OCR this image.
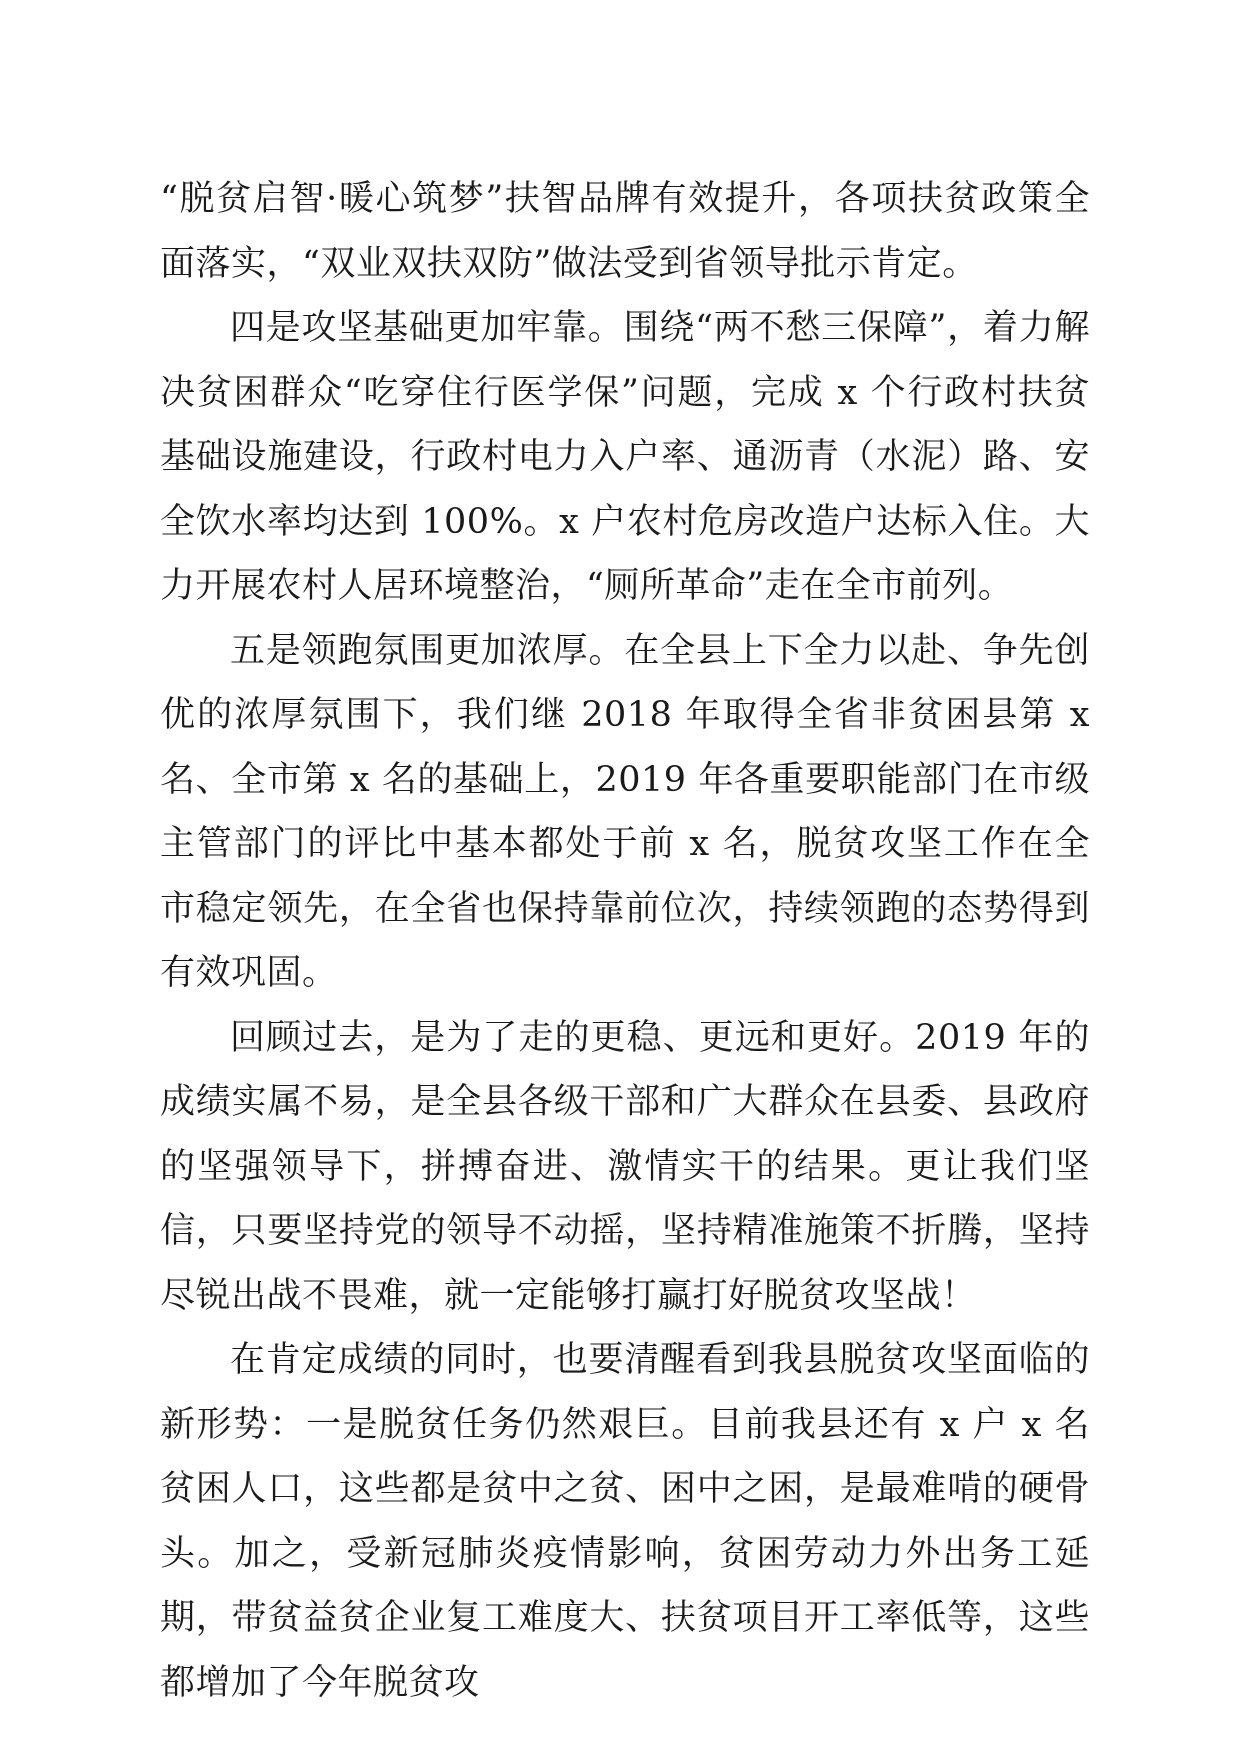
“脱贫启智·暖心筑梦”扶智品牌有效提升，各项扶贫政策全面落实，“双业双扶双防”做法受到省领导批示肯定。

四是攻坚基础更加牢靠。围绕“两不愁三保障”，着力解决贫困群众“吃穿住行医学保”问题，完成 x 个行政村扶贫基础设施建设，行政村电力入户率、通沥青（水泥）路、安全饮水率均达到 100%。x 户农村危房改造户达标入住。大力开展农村人居环境整治，“厕所革命”走在全市前列。

五是领跑氛围更加浓厚。在全县上下全力以赴、争先创优的浓厚氛围下，我们继 2018 年取得全省非贫困县第 x 名、全市第 x 名的基础上，2019 年各重要职能部门在市级主管部门的评比中基本都处于前 x 名，脱贫攻坚工作在全市稳定领先，在全省也保持靠前位次，持续领跑的态势得到有效巩固。

回顾过去，是为了走的更稳、更远和更好。2019 年的成绩实属不易，是全县各级干部和广大群众在县委、县政府的坚强领导下，拼搏奋进、激情实干的结果。更让我们坚信，只要坚持党的领导不动摇，坚持精准施策不折腾，坚持尽锐出战不畏难，就一定能够打赢打好脱贫攻坚战！

在肯定成绩的同时，也要清醒看到我县脱贫攻坚面临的新形势：一是脱贫任务仍然艰巨。目前我县还有 x 户 x 名贫困人口，这些都是贫中之贫、困中之困，是最难啃的硬骨头。加之，受新冠肺炎疫情影响，贫困劳动力外出务工延期，带贫益贫企业复工难度大、扶贫项目开工率低等，这些都增加了今年脱贫攻
